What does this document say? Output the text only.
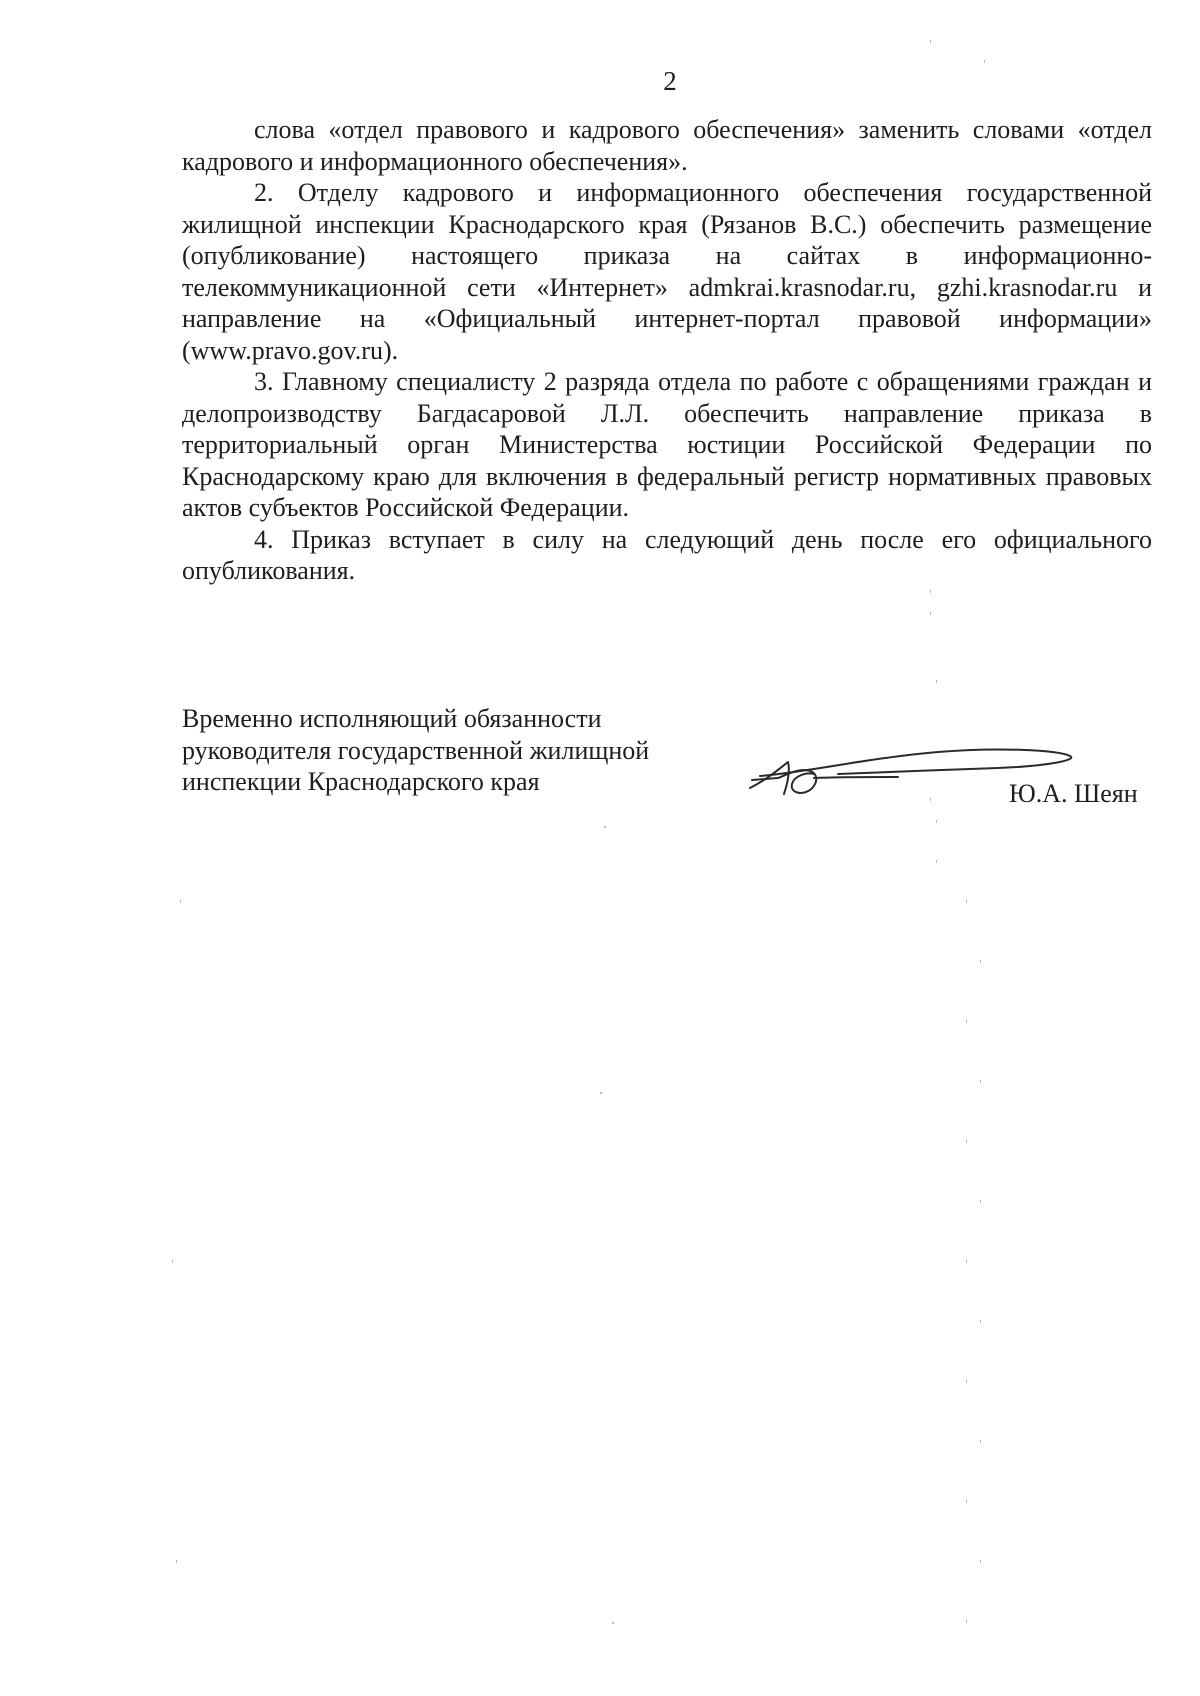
2

слова «отдел правового и кадрового обеспечения» заменить словами «отдел кадрового и информационного обеспечения».

2. Отделу кадрового и информационного обеспечения государственной жилищной инспекции Краснодарского края (Рязанов В.С.) обеспечить размещение (опубликование) настоящего приказа на сайтах в информационно-телекоммуникационной сети «Интернет» admkrai.krasnodar.ru, gzhi.krasnodar.ru и направление на «Официальный интернет-портал правовой информации» (www.pravo.gov.ru).

3. Главному специалисту 2 разряда отдела по работе с обращениями граждан и делопроизводству Багдасаровой Л.Л. обеспечить направление приказа в территориальный орган Министерства юстиции Российской Федерации по Краснодарскому краю для включения в федеральный регистр нормативных правовых актов субъектов Российской Федерации.

4. Приказ вступает в силу на следующий день после его официального опубликования.

Временно исполняющий обязанности
руководителя государственной жилищной
инспекции Краснодарского края	Ю.А. Шеян
